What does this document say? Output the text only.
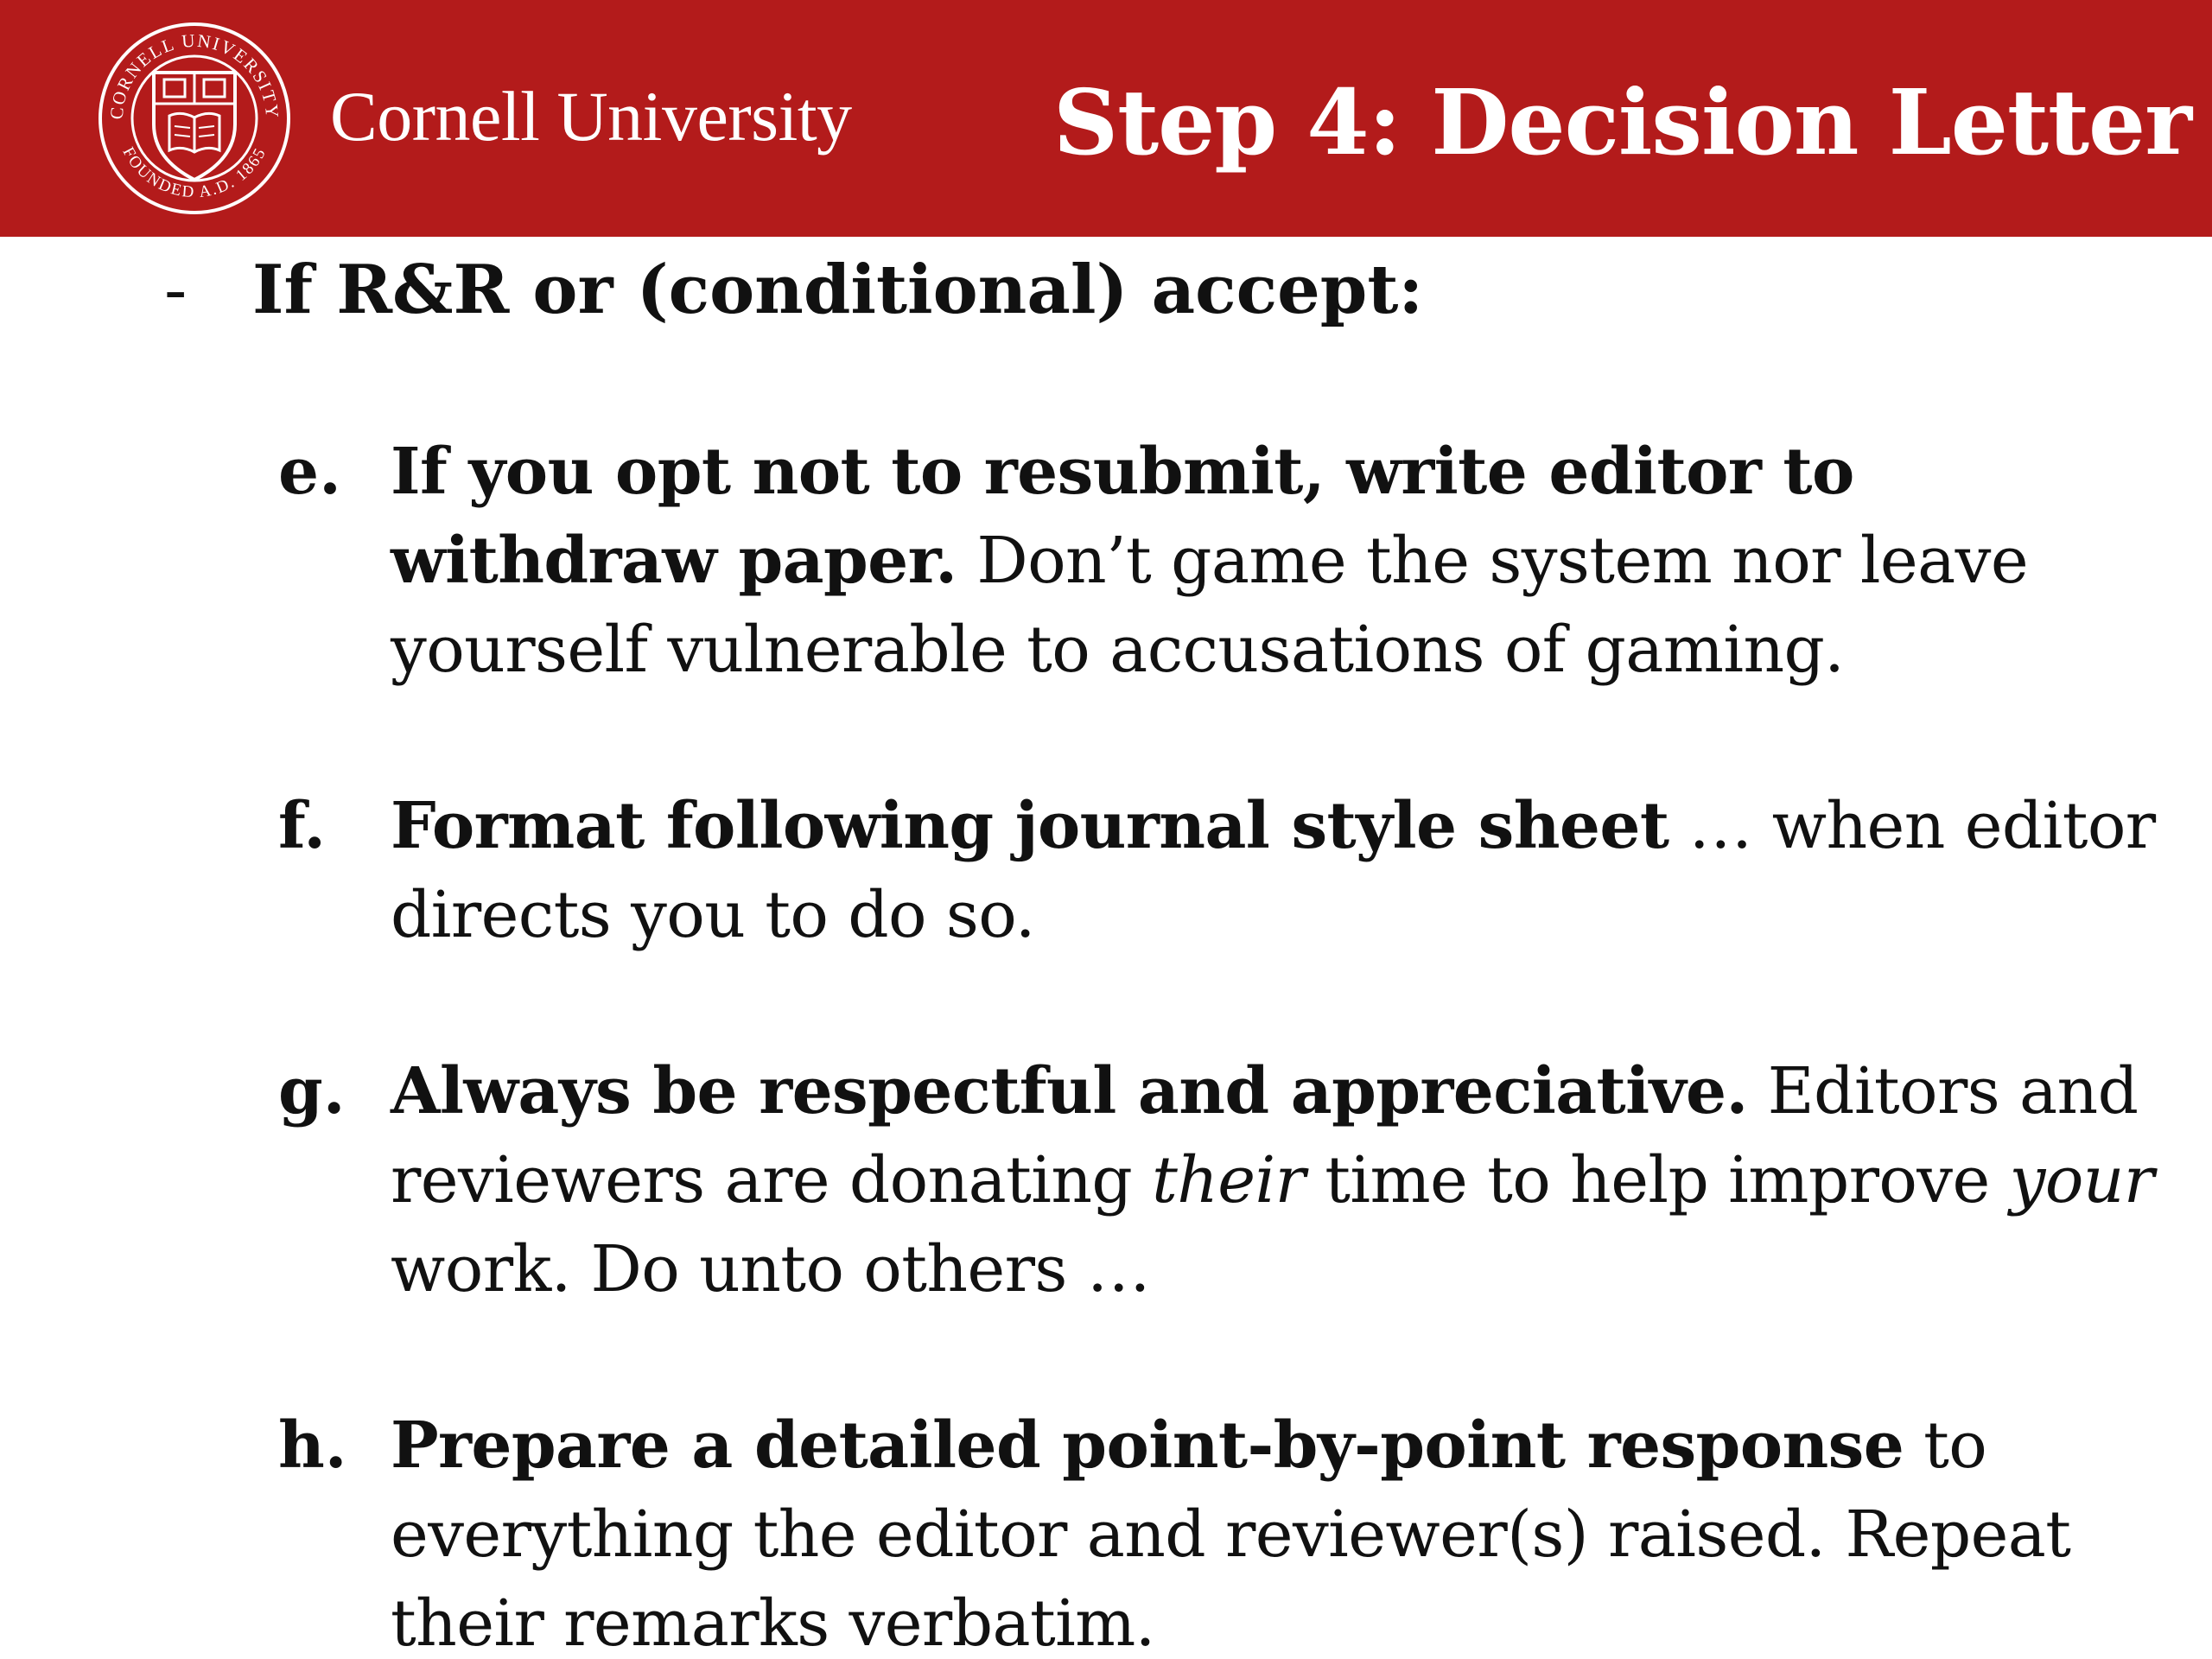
CORNELL UNIVERSITY
FOUNDED A.D. 1865 Cornell University Step 4: Decision Letter
- If R&R or (conditional) accept:
e. If you opt not to resubmit, write editor to withdraw paper. Don’t game the system nor leave yourself vulnerable to accusations of gaming.
f. Format following journal style sheet … when editor directs you to do so.
g. Always be respectful and appreciative. Editors and reviewers are donating their time to help improve your work. Do unto others …
h. Prepare a detailed point-by-point response to everything the editor and reviewer(s) raised. Repeat their remarks verbatim.
